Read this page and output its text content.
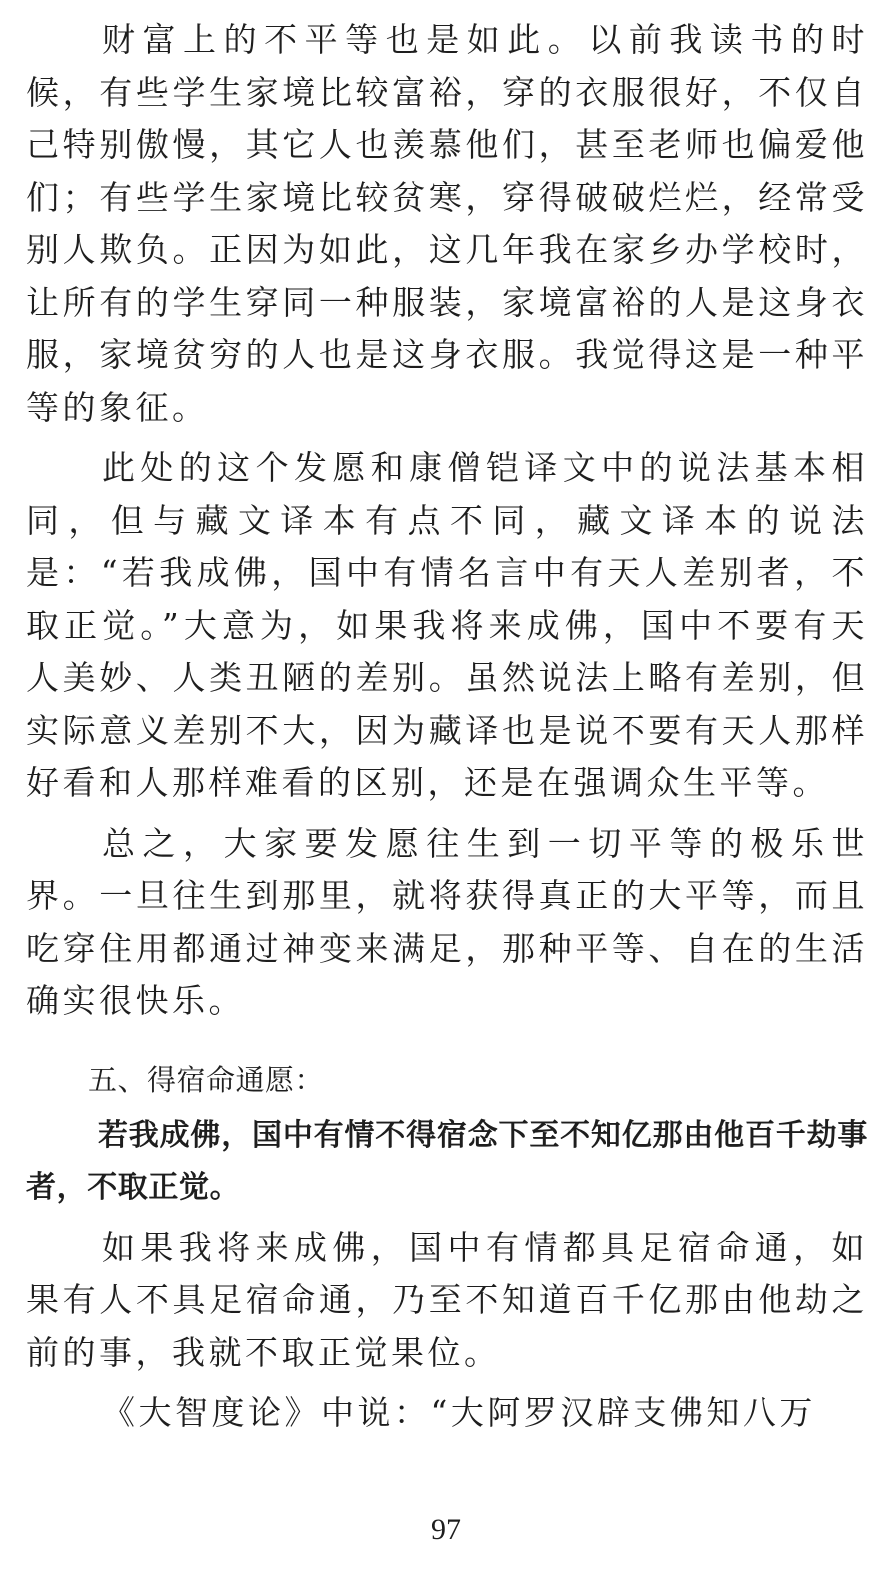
财富上的不平等也是如此。以前我读书的时候，有些学生家境比较富裕，穿的衣服很好，不仅自己特别傲慢，其它人也羡慕他们，甚至老师也偏爱他们；有些学生家境比较贫寒，穿得破破烂烂，经常受别人欺负。正因为如此，这几年我在家乡办学校时，让所有的学生穿同一种服装，家境富裕的人是这身衣服，家境贫穷的人也是这身衣服。我觉得这是一种平等的象征。

此处的这个发愿和康僧铠译文中的说法基本相同，但与藏文译本有点不同，藏文译本的说法是：“若我成佛，国中有情名言中有天人差别者，不取正觉。”大意为，如果我将来成佛，国中不要有天人美妙、人类丑陋的差别。虽然说法上略有差别，但实际意义差别不大，因为藏译也是说不要有天人那样好看和人那样难看的区别，还是在强调众生平等。

总之，大家要发愿往生到一切平等的极乐世界。一旦往生到那里，就将获得真正的大平等，而且吃穿住用都通过神变来满足，那种平等、自在的生活确实很快乐。

五、得宿命通愿：

若我成佛，国中有情不得宿念下至不知亿那由他百千劫事者，不取正觉。

如果我将来成佛，国中有情都具足宿命通，如果有人不具足宿命通，乃至不知道百千亿那由他劫之前的事，我就不取正觉果位。

《大智度论》中说：“大阿罗汉辟支佛知八万

97
